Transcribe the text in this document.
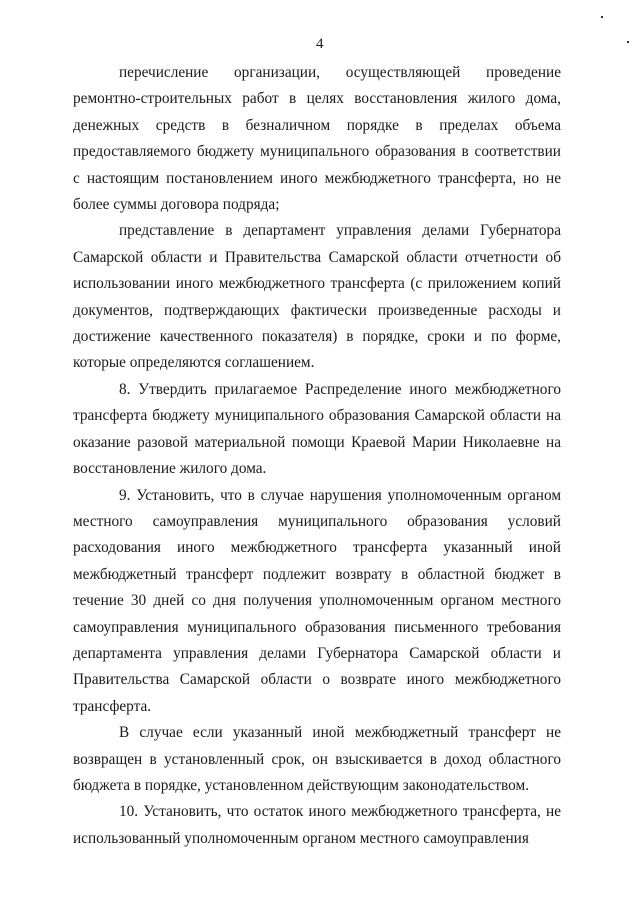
4

перечисление организации, осуществляющей проведение ремонтно-строительных работ в целях восстановления жилого дома, денежных средств в безналичном порядке в пределах объема предоставляемого бюджету муниципального образования в соответствии с настоящим постановлением иного межбюджетного трансферта, но не более суммы договора подряда;

представление в департамент управления делами Губернатора Самарской области и Правительства Самарской области отчетности об использовании иного межбюджетного трансферта (с приложением копий документов, подтверждающих фактически произведенные расходы и достижение качественного показателя) в порядке, сроки и по форме, которые определяются соглашением.

8. Утвердить прилагаемое Распределение иного межбюджетного трансферта бюджету муниципального образования Самарской области на оказание разовой материальной помощи Краевой Марии Николаевне на восстановление жилого дома.

9. Установить, что в случае нарушения уполномоченным органом местного самоуправления муниципального образования условий расходования иного межбюджетного трансферта указанный иной межбюджетный трансферт подлежит возврату в областной бюджет в течение 30 дней со дня получения уполномоченным органом местного самоуправления муниципального образования письменного требования департамента управления делами Губернатора Самарской области и Правительства Самарской области о возврате иного межбюджетного трансферта.

В случае если указанный иной межбюджетный трансферт не возвращен в установленный срок, он взыскивается в доход областного бюджета в порядке, установленном действующим законодательством.

10. Установить, что остаток иного межбюджетного трансферта, не использованный уполномоченным органом местного самоуправления
